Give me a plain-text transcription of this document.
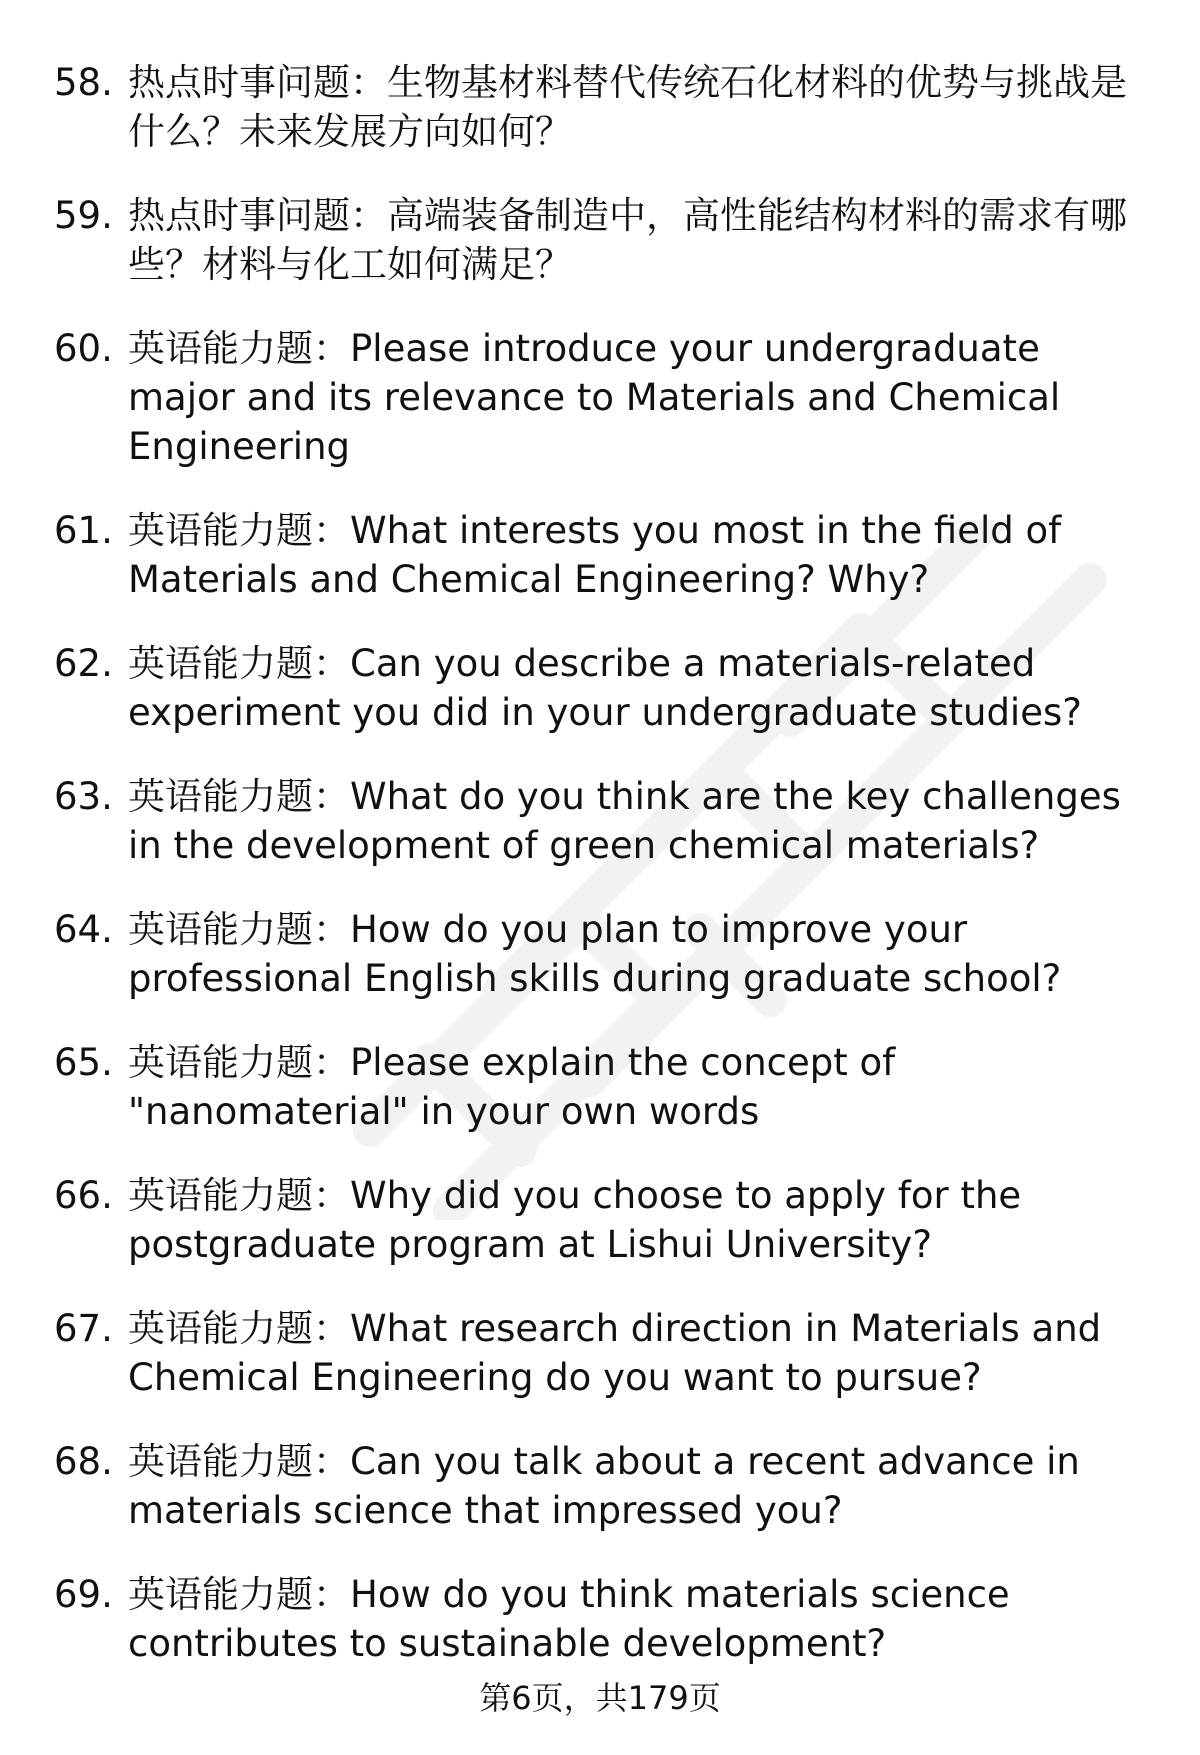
58. 热点时事问题：生物基材料替代传统石化材料的优势与挑战是什么？未来发展方向如何？
59. 热点时事问题：高端装备制造中，高性能结构材料的需求有哪些？材料与化工如何满足？
60. 英语能力题：Please introduce your undergraduate major and its relevance to Materials and Chemical Engineering
61. 英语能力题：What interests you most in the field of Materials and Chemical Engineering? Why?
62. 英语能力题：Can you describe a materials-related experiment you did in your undergraduate studies?
63. 英语能力题：What do you think are the key challenges in the development of green chemical materials?
64. 英语能力题：How do you plan to improve your professional English skills during graduate school?
65. 英语能力题：Please explain the concept of "nanomaterial" in your own words
66. 英语能力题：Why did you choose to apply for the postgraduate program at Lishui University?
67. 英语能力题：What research direction in Materials and Chemical Engineering do you want to pursue?
68. 英语能力题：Can you talk about a recent advance in materials science that impressed you?
69. 英语能力题：How do you think materials science contributes to sustainable development?
第6页，共179页
